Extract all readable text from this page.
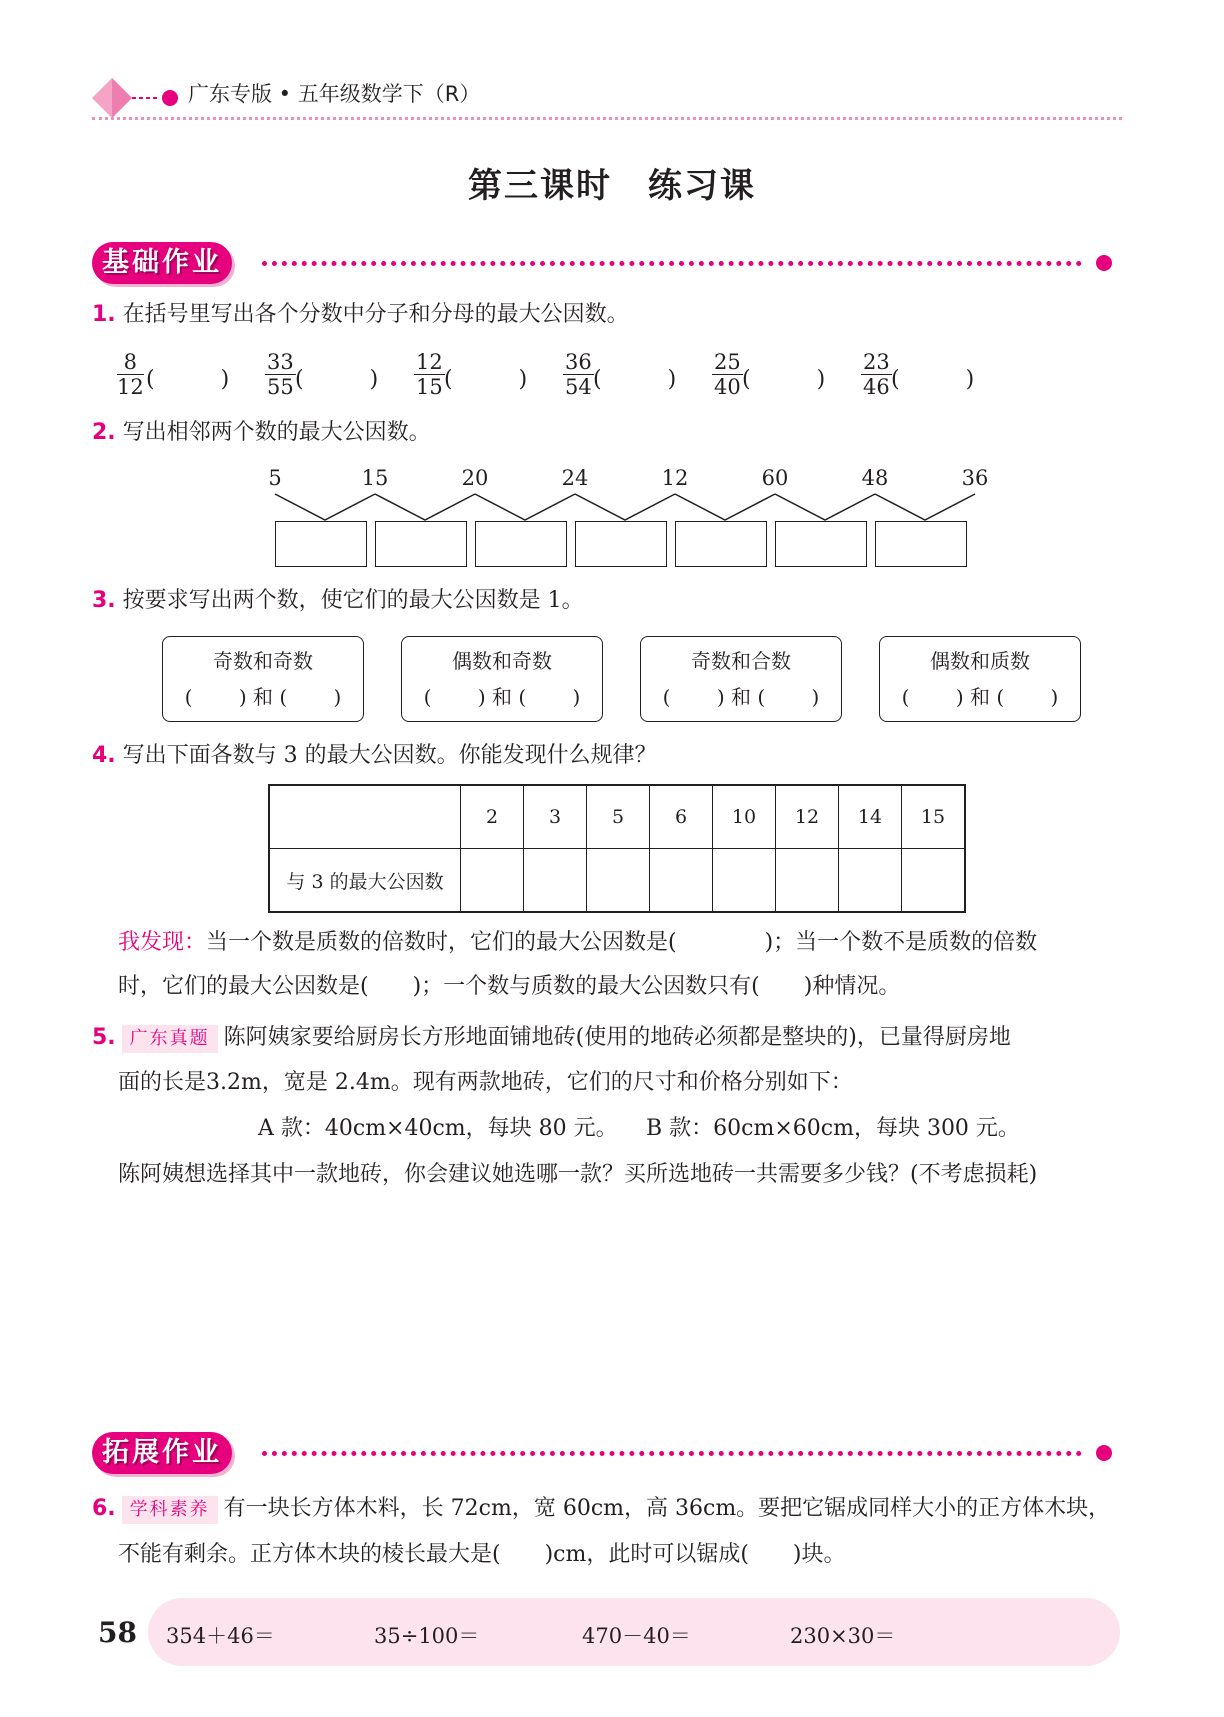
广东专版 • 五年级数学下（R）
第三课时　练习课
基础作业
1. 在括号里写出各个分数中分子和分母的最大公因数。
$\frac{8}{12}$ (　　　) $\frac{33}{55}$ (　　　) $\frac{12}{15}$ (　　　) $\frac{36}{54}$ (　　　) $\frac{25}{40}$ (　　　) $\frac{23}{46}$ (　　　)
2. 写出相邻两个数的最大公因数。
5	15	20	24	12	60	48	36
3. 按要求写出两个数，使它们的最大公因数是 1。
奇数和奇数
(　　 ) 和 (　　 )
偶数和奇数
(　　 ) 和 (　　 )
奇数和合数
(　　 ) 和 (　　 )
偶数和质数
(　　 ) 和 (　　 )
4. 写出下面各数与 3 的最大公因数。你能发现什么规律？
	2	3	5	6	10	12	14	15
与 3 的最大公因数								
我发现：当一个数是质数的倍数时，它们的最大公因数是(　　　　)；当一个数不是质数的倍数
时，它们的最大公因数是(　　)；一个数与质数的最大公因数只有(　　)种情况。
5. 广东真题 陈阿姨家要给厨房长方形地面铺地砖(使用的地砖必须都是整块的)，已量得厨房地
面的长是3.2m，宽是 2.4m。现有两款地砖，它们的尺寸和价格分别如下：
A 款：40cm×40cm，每块 80 元。 B 款：60cm×60cm，每块 300 元。
陈阿姨想选择其中一款地砖，你会建议她选哪一款？买所选地砖一共需要多少钱？(不考虑损耗)
拓展作业
6. 学科素养 有一块长方体木料，长 72cm，宽 60cm，高 36cm。要把它锯成同样大小的正方体木块，
不能有剩余。正方体木块的棱长最大是(　　)cm，此时可以锯成(　　)块。
58 354＋46＝	35÷100＝	470－40＝	230×30＝
